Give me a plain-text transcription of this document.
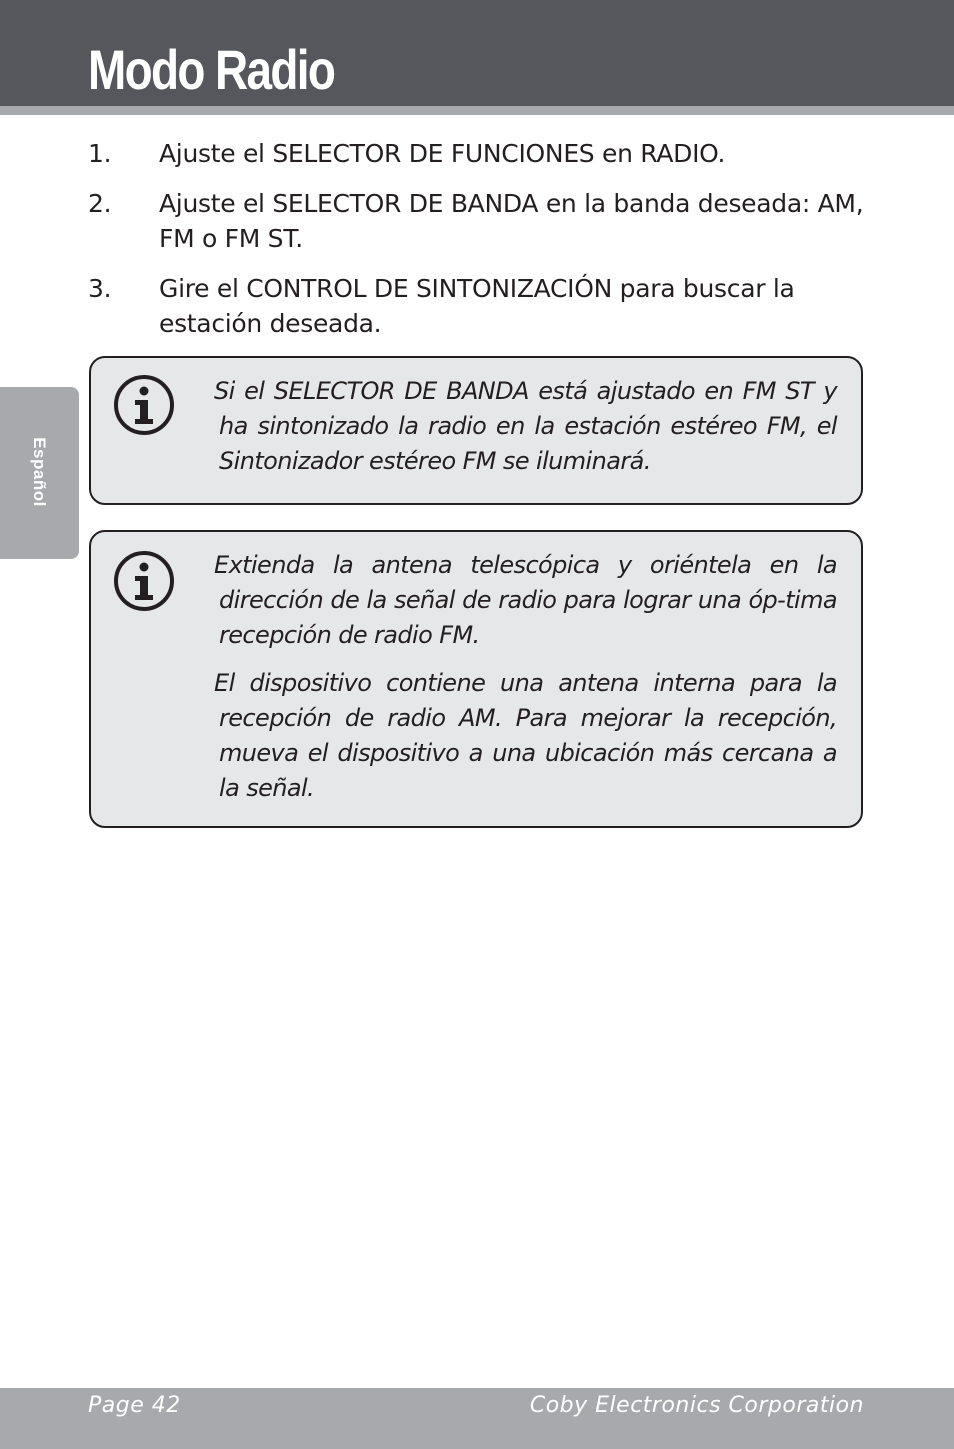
Modo Radio
Español
1. Ajuste el SELECTOR DE FUNCIONES en RADIO.
2. Ajuste el SELECTOR DE BANDA en la banda deseada: AM, FM o FM ST.
3. Gire el CONTROL DE SINTONIZACIÓN para buscar la estación deseada.

Si el SELECTOR DE BANDA está ajustado en FM ST y ha sintonizado la radio en la estación estéreo FM, el Sintonizador estéreo FM se iluminará.

Extienda la antena telescópica y oriéntela en la dirección de la señal de radio para lograr una óp-tima recepción de radio FM.

El dispositivo contiene una antena interna para la recepción de radio AM. Para mejorar la recepción, mueva el dispositivo a una ubicación más cercana a la señal.

Page 42	Coby Electronics Corporation
